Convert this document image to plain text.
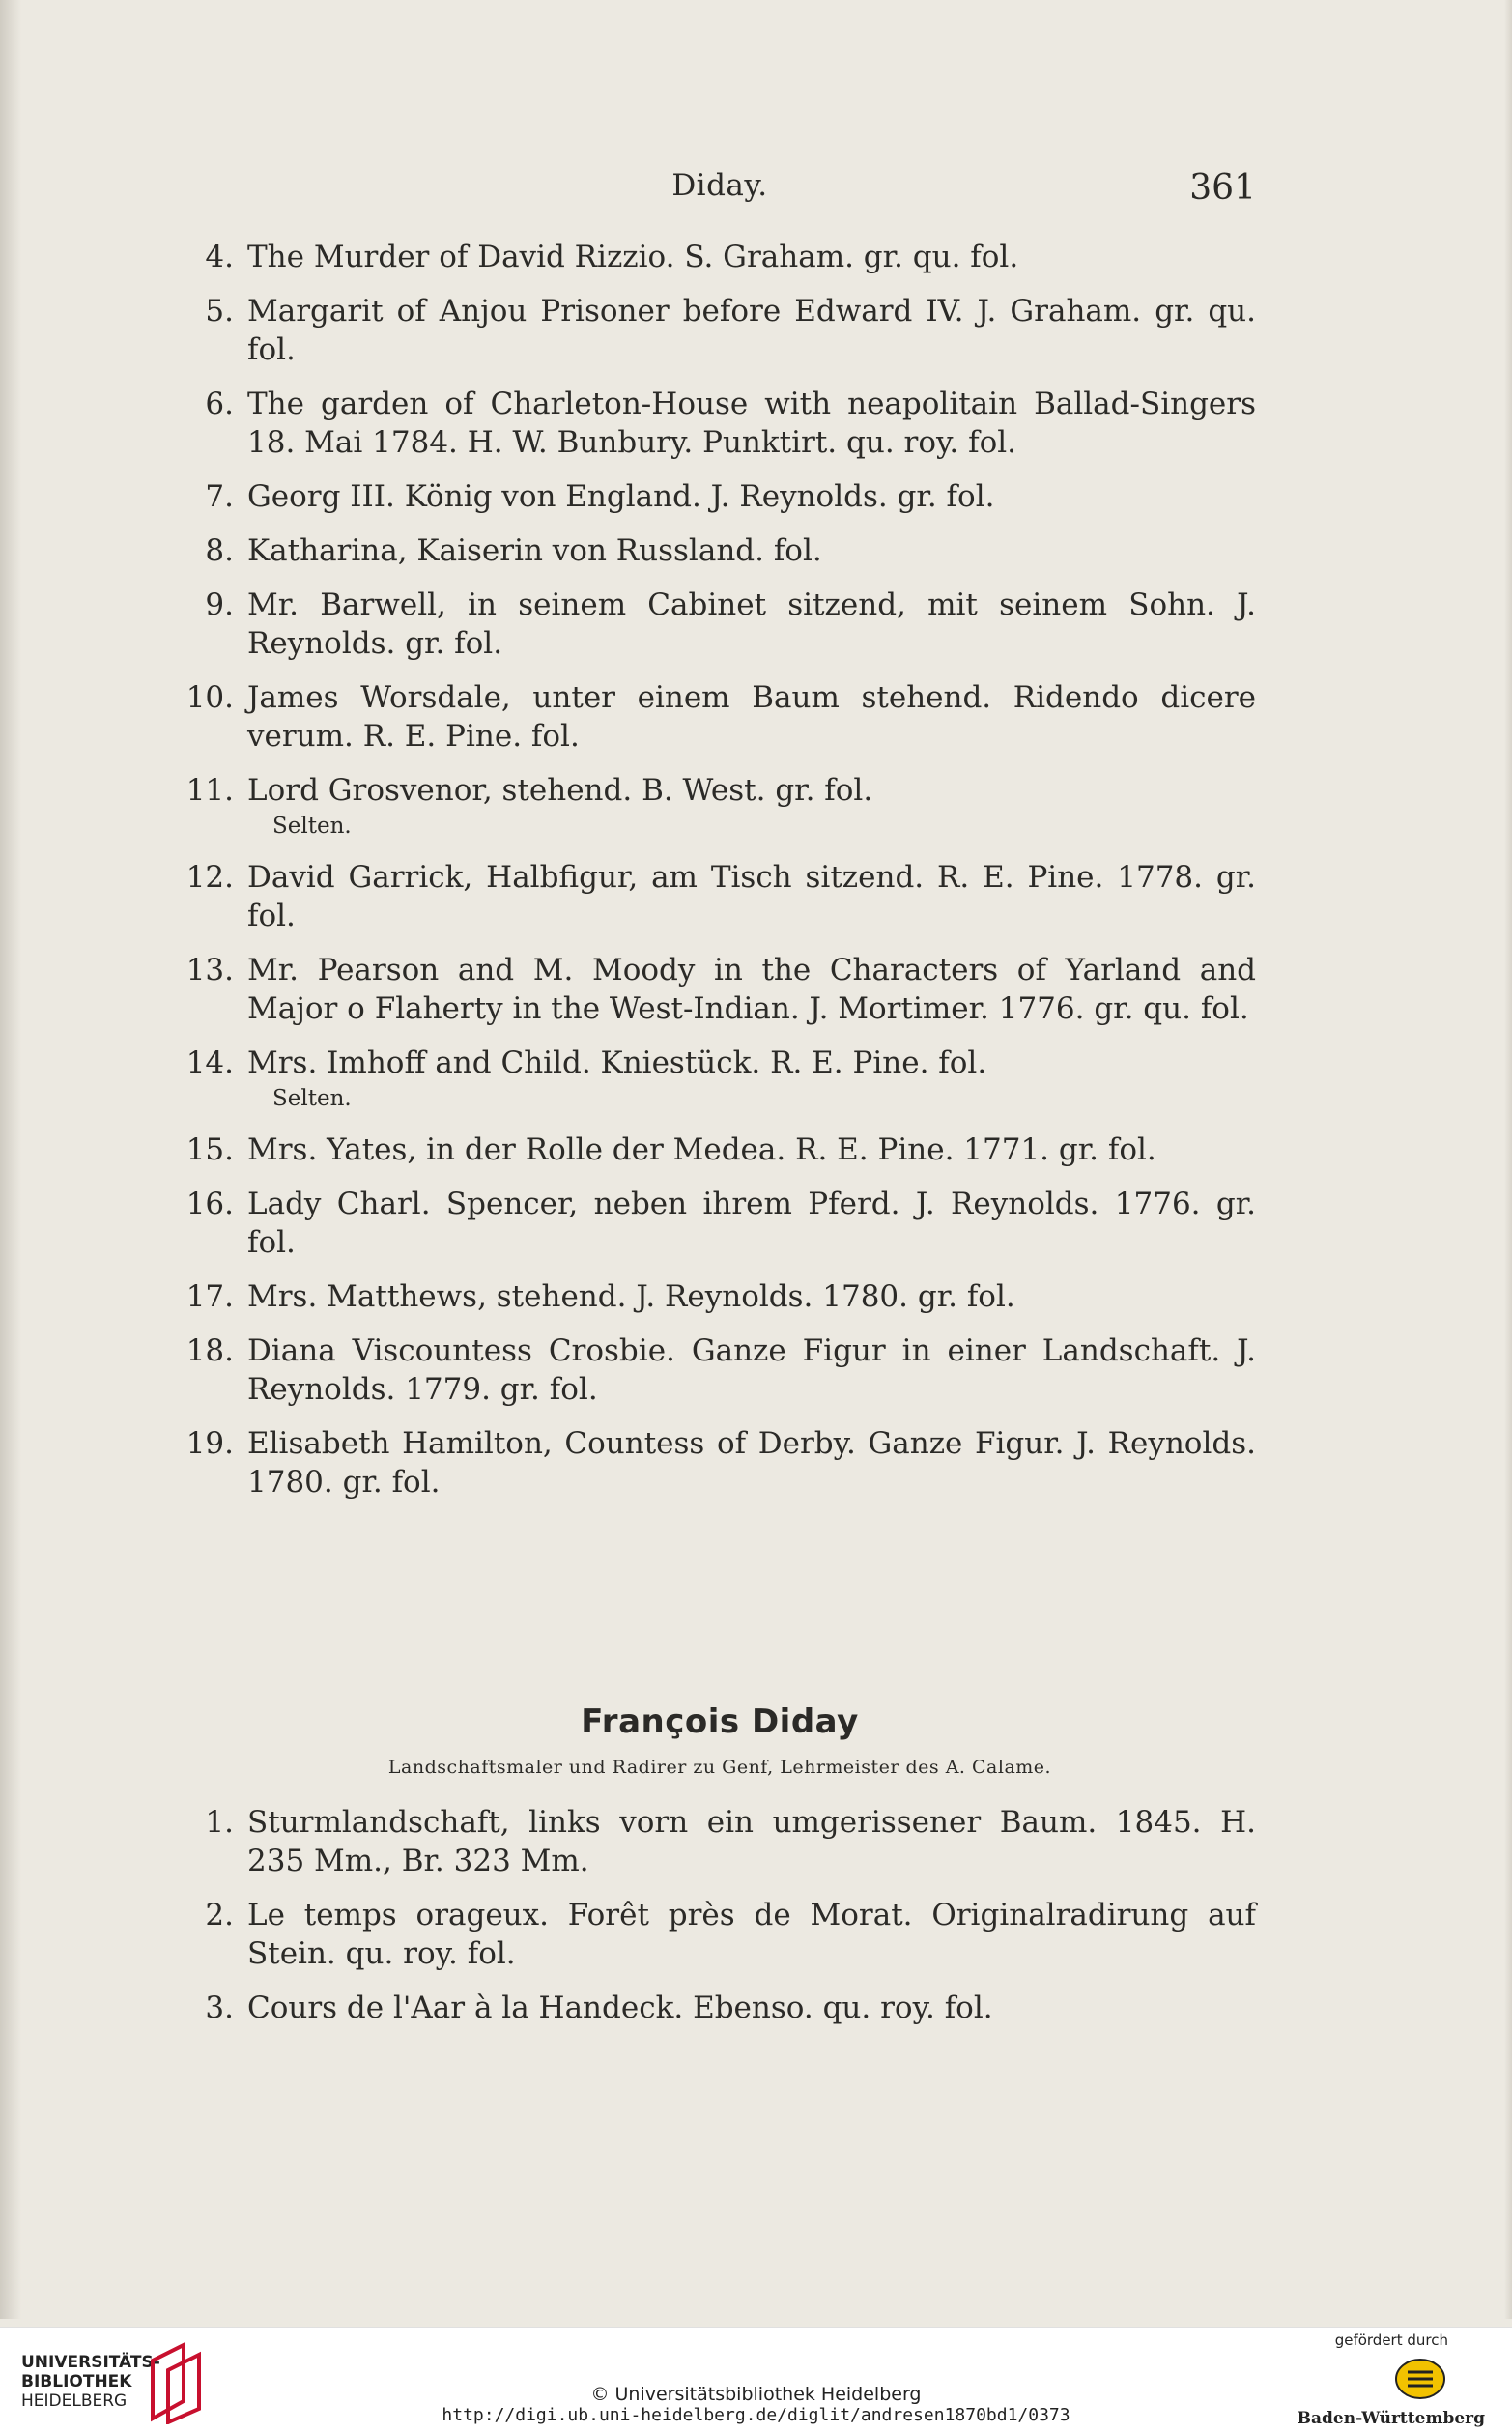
Diday.	361
4. The Murder of David Rizzio. S. Graham. gr. qu. fol.
5. Margarit of Anjou Prisoner before Edward IV. J. Graham. gr. qu. fol.
6. The garden of Charleton-House with neapolitain Ballad-Singers 18. Mai 1784. H. W. Bunbury. Punktirt. qu. roy. fol.
7. Georg III. König von England. J. Reynolds. gr. fol.
8. Katharina, Kaiserin von Russland. fol.
9. Mr. Barwell, in seinem Cabinet sitzend, mit seinem Sohn. J. Reynolds. gr. fol.
10. James Worsdale, unter einem Baum stehend. Ridendo dicere verum. R. E. Pine. fol.
11. Lord Grosvenor, stehend. B. West. gr. fol.
Selten.
12. David Garrick, Halbfigur, am Tisch sitzend. R. E. Pine. 1778. gr. fol.
13. Mr. Pearson and M. Moody in the Characters of Yarland and Major o Flaherty in the West-Indian. J. Mortimer. 1776. gr. qu. fol.
14. Mrs. Imhoff and Child. Kniestück. R. E. Pine. fol.
Selten.
15. Mrs. Yates, in der Rolle der Medea. R. E. Pine. 1771. gr. fol.
16. Lady Charl. Spencer, neben ihrem Pferd. J. Reynolds. 1776. gr. fol.
17. Mrs. Matthews, stehend. J. Reynolds. 1780. gr. fol.
18. Diana Viscountess Crosbie. Ganze Figur in einer Landschaft. J. Reynolds. 1779. gr. fol.
19. Elisabeth Hamilton, Countess of Derby. Ganze Figur. J. Reynolds. 1780. gr. fol.
François Diday
Landschaftsmaler und Radirer zu Genf, Lehrmeister des A. Calame.
1. Sturmlandschaft, links vorn ein umgerissener Baum. 1845. H. 235 Mm., Br. 323 Mm.
2. Le temps orageux. Forêt près de Morat. Originalradirung auf Stein. qu. roy. fol.
3. Cours de l'Aar à la Handeck. Ebenso. qu. roy. fol.
UNIVERSITÄTS-
BIBLIOTHEK
HEIDELBERG	© Universitätsbibliothek Heidelberg
http://digi.ub.uni-heidelberg.de/diglit/andresen1870bd1/0373
gefördert durch
Baden-Württemberg
